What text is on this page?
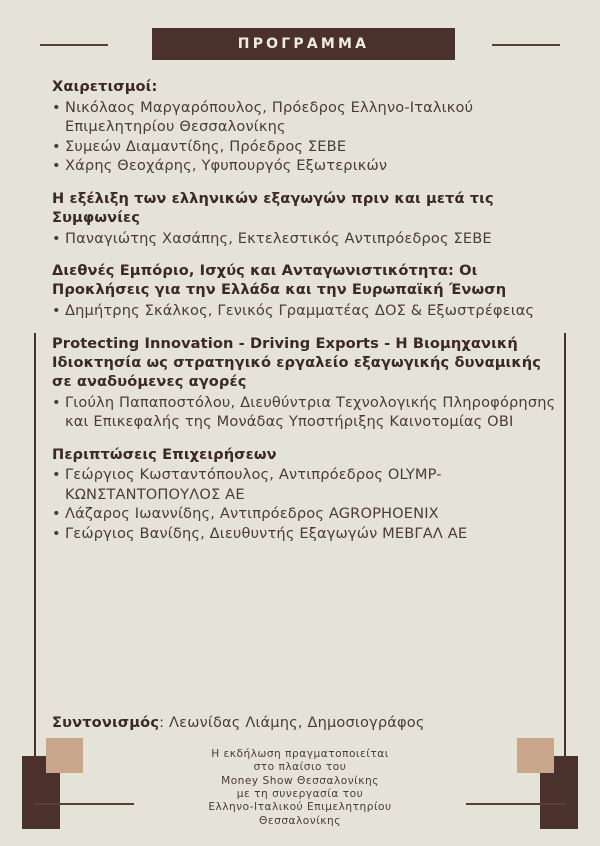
ΠΡΟΓΡΑΜΜΑ
Χαιρετισμοί:
• Νικόλαος Μαργαρόπουλος, Πρόεδρος Ελληνο-Ιταλικού Επιμελητηρίου Θεσσαλονίκης
• Συμεών Διαμαντίδης, Πρόεδρος ΣΕΒΕ
• Χάρης Θεοχάρης, Υφυπουργός Εξωτερικών
Η εξέλιξη των ελληνικών εξαγωγών πριν και μετά τις Συμφωνίες
• Παναγιώτης Χασάπης, Εκτελεστικός Αντιπρόεδρος ΣΕΒΕ
Διεθνές Εμπόριο, Ισχύς και Ανταγωνιστικότητα: Οι Προκλήσεις για την Ελλάδα και την Ευρωπαϊκή Ένωση
• Δημήτρης Σκάλκος, Γενικός Γραμματέας ΔΟΣ & Εξωστρέφειας
Protecting Innovation - Driving Exports - Η Βιομηχανική Ιδιοκτησία ως στρατηγικό εργαλείο εξαγωγικής δυναμικής σε αναδυόμενες αγορές
• Γιούλη Παπαποστόλου, Διευθύντρια Τεχνολογικής Πληροφόρησης και Επικεφαλής της Μονάδας Υποστήριξης Καινοτομίας ΟΒΙ
Περιπτώσεις Επιχειρήσεων
• Γεώργιος Κωσταντόπουλος, Αντιπρόεδρος OLYMP-ΚΩΝΣΤΑΝΤΟΠΟΥΛΟΣ ΑΕ
• Λάζαρος Ιωαννίδης, Αντιπρόεδρος AGROPHOENIX
• Γεώργιος Βανίδης, Διευθυντής Εξαγωγών ΜΕΒΓΑΛ ΑΕ
Συντονισμός: Λεωνίδας Λιάμης, Δημοσιογράφος
Η εκδήλωση πραγματοποιείται
στο πλαίσιο του
Money Show Θεσσαλονίκης
με τη συνεργασία του
Ελληνο-Ιταλικού Επιμελητηρίου
Θεσσαλονίκης
